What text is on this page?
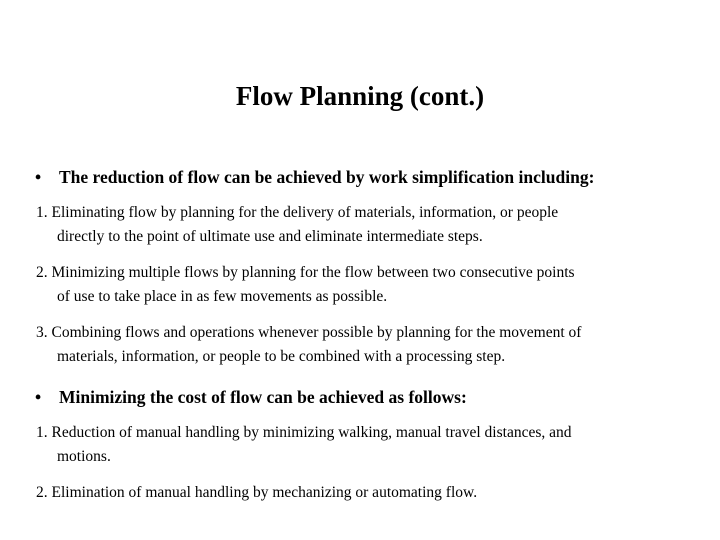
Flow Planning (cont.)
• The reduction of flow can be achieved by work simplification including:
1. Eliminating flow by planning for the delivery of materials, information, or people
directly to the point of ultimate use and eliminate intermediate steps.
2. Minimizing multiple flows by planning for the flow between two consecutive points
of use to take place in as few movements as possible.
3. Combining flows and operations whenever possible by planning for the movement of
materials, information, or people to be combined with a processing step.
• Minimizing the cost of flow can be achieved as follows:
1. Reduction of manual handling by minimizing walking, manual travel distances, and
motions.
2. Elimination of manual handling by mechanizing or automating flow.
